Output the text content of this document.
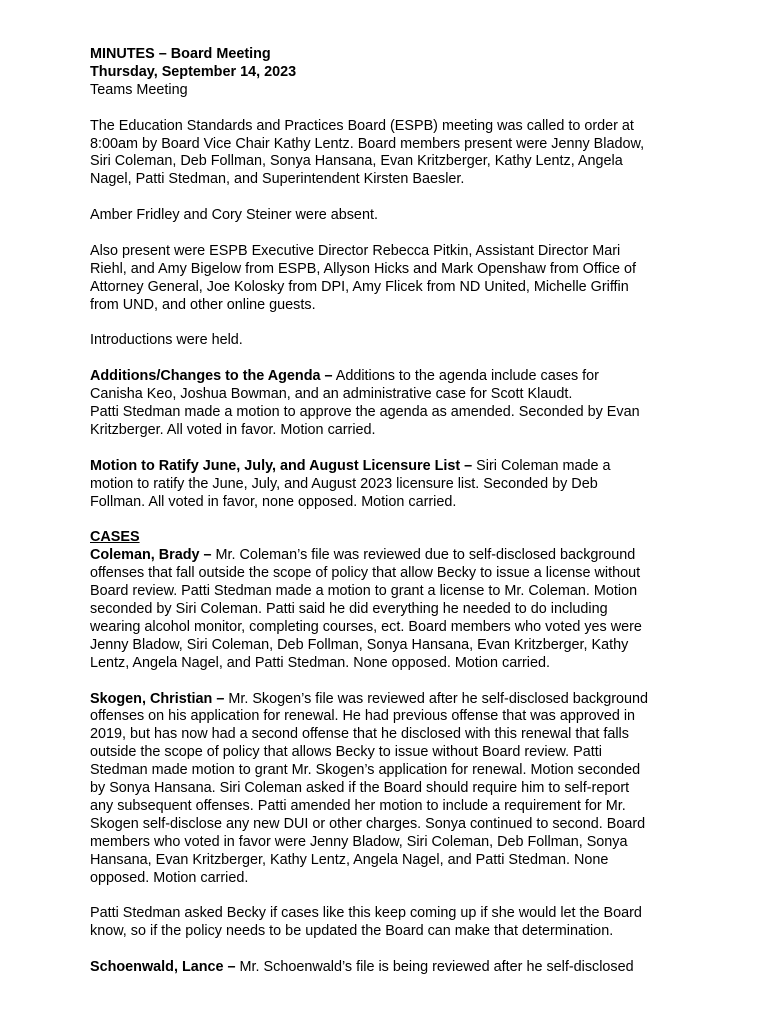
MINUTES – Board Meeting
Thursday, September 14, 2023
Teams Meeting
The Education Standards and Practices Board (ESPB) meeting was called to order at
8:00am by Board Vice Chair Kathy Lentz. Board members present were Jenny Bladow,
Siri Coleman, Deb Follman, Sonya Hansana, Evan Kritzberger, Kathy Lentz, Angela
Nagel, Patti Stedman, and Superintendent Kirsten Baesler.
Amber Fridley and Cory Steiner were absent.
Also present were ESPB Executive Director Rebecca Pitkin, Assistant Director Mari
Riehl, and Amy Bigelow from ESPB, Allyson Hicks and Mark Openshaw from Office of
Attorney General, Joe Kolosky from DPI, Amy Flicek from ND United, Michelle Griffin
from UND, and other online guests.
Introductions were held.
Additions/Changes to the Agenda – Additions to the agenda include cases for
Canisha Keo, Joshua Bowman, and an administrative case for Scott Klaudt.
Patti Stedman made a motion to approve the agenda as amended. Seconded by Evan
Kritzberger. All voted in favor. Motion carried.
Motion to Ratify June, July, and August Licensure List – Siri Coleman made a
motion to ratify the June, July, and August 2023 licensure list. Seconded by Deb
Follman. All voted in favor, none opposed. Motion carried.
CASES
Coleman, Brady – Mr. Coleman’s file was reviewed due to self-disclosed background
offenses that fall outside the scope of policy that allow Becky to issue a license without
Board review. Patti Stedman made a motion to grant a license to Mr. Coleman. Motion
seconded by Siri Coleman. Patti said he did everything he needed to do including
wearing alcohol monitor, completing courses, ect. Board members who voted yes were
Jenny Bladow, Siri Coleman, Deb Follman, Sonya Hansana, Evan Kritzberger, Kathy
Lentz, Angela Nagel, and Patti Stedman. None opposed. Motion carried.
Skogen, Christian – Mr. Skogen’s file was reviewed after he self-disclosed background
offenses on his application for renewal. He had previous offense that was approved in
2019, but has now had a second offense that he disclosed with this renewal that falls
outside the scope of policy that allows Becky to issue without Board review. Patti
Stedman made motion to grant Mr. Skogen’s application for renewal. Motion seconded
by Sonya Hansana. Siri Coleman asked if the Board should require him to self-report
any subsequent offenses. Patti amended her motion to include a requirement for Mr.
Skogen self-disclose any new DUI or other charges. Sonya continued to second. Board
members who voted in favor were Jenny Bladow, Siri Coleman, Deb Follman, Sonya
Hansana, Evan Kritzberger, Kathy Lentz, Angela Nagel, and Patti Stedman. None
opposed. Motion carried.
Patti Stedman asked Becky if cases like this keep coming up if she would let the Board
know, so if the policy needs to be updated the Board can make that determination.
Schoenwald, Lance – Mr. Schoenwald’s file is being reviewed after he self-disclosed
